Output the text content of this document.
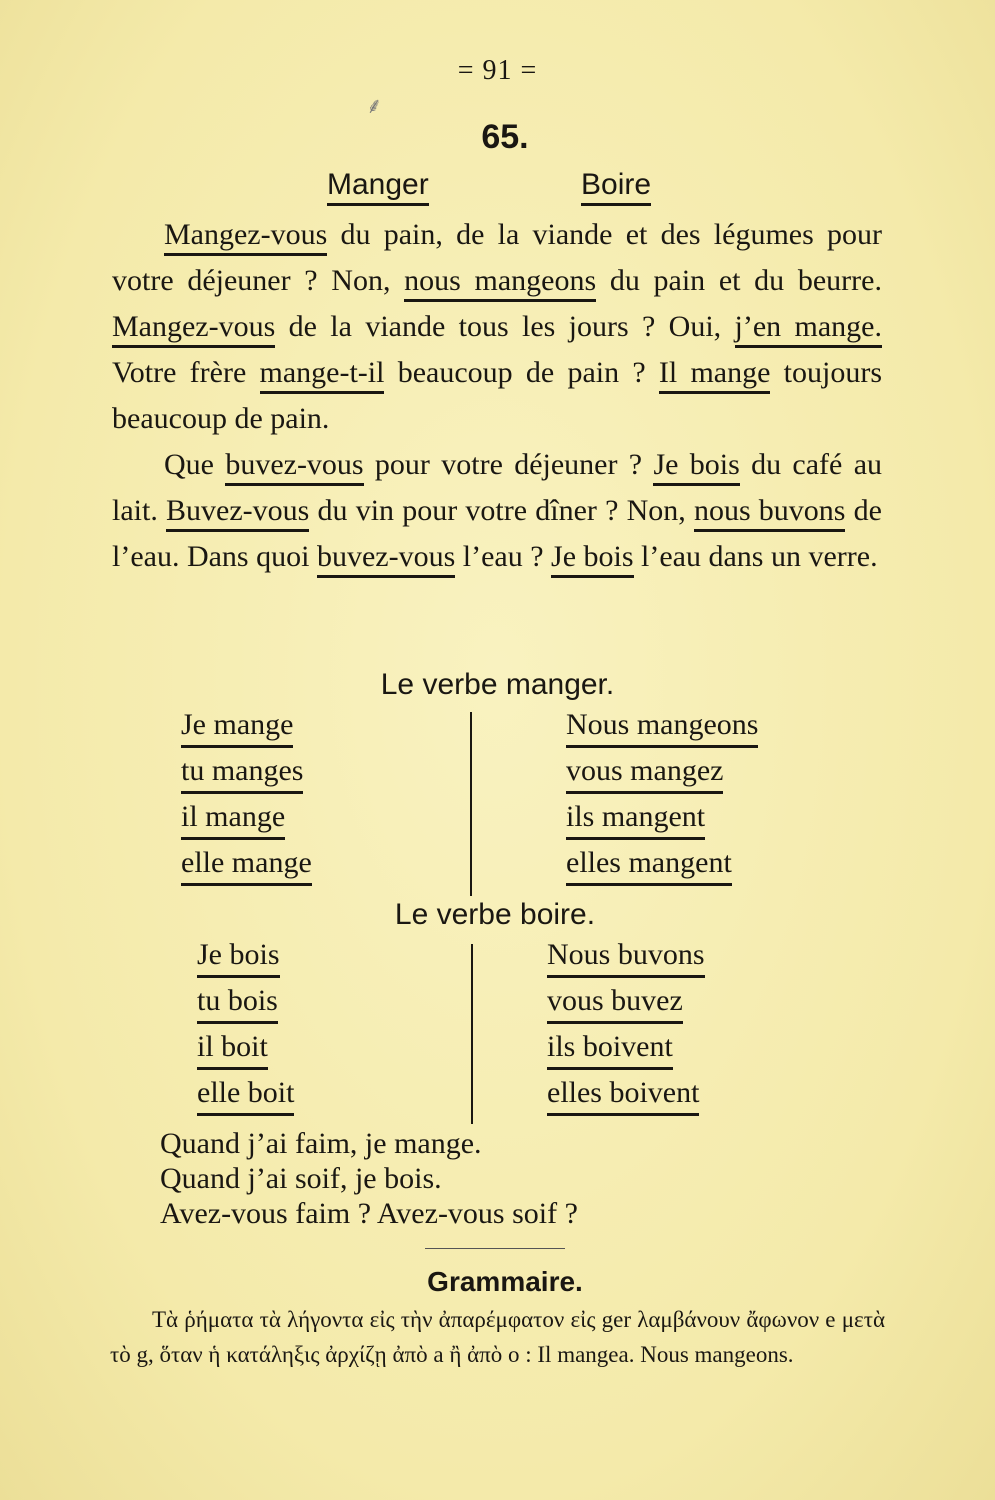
= 91 =
⸙
65.
Manger	Boire

Mangez-vous du pain, de la viande et des légumes pour votre déjeuner ? Non, nous mangeons du pain et du beurre. Mangez-vous de la viande tous les jours ? Oui, j’en mange. Votre frère mange-t-il beaucoup de pain ? Il mange toujours beaucoup de pain.

Que buvez-vous pour votre déjeuner ? Je bois du café au lait. Buvez-vous du vin pour votre dîner ? Non, nous buvons de l’eau. Dans quoi buvez-vous l’eau ? Je bois l’eau dans un verre.

Le verbe manger.
Je mange
tu manges
il mange
elle mange
Nous mangeons
vous mangez
ils mangent
elles mangent
Le verbe boire.
Je bois
tu bois
il boit
elle boit
Nous buvons
vous buvez
ils boivent
elles boivent
Quand j’ai faim, je mange.
Quand j’ai soif, je bois.
Avez-vous faim ? Avez-vous soif ?
Grammaire.

Τὰ ῥήματα τὰ λήγοντα εἰς τὴν ἀπαρέμφατον εἰς ger λαμβάνουν ἄφωνον e μετὰ τὸ g, ὅταν ἡ κατάληξις ἀρχίζῃ ἀπὸ a ἢ ἀπὸ o : Il mangea. Nous mangeons.
